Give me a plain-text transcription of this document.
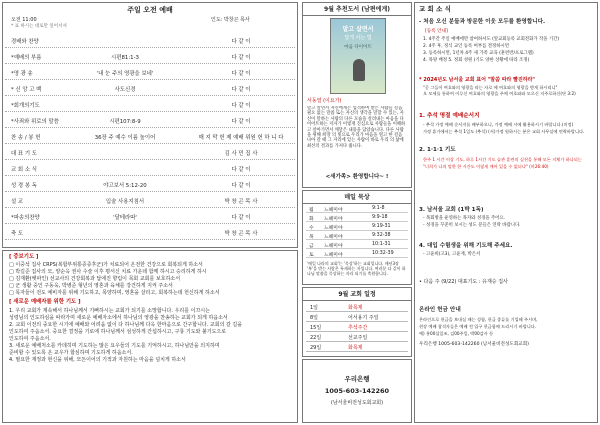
주일 오전 예배
오전 11:00	인도: 박창곤 목사
* 표 하시는 대로만 일어서셔
경배와 찬양	다 같 이
*예배의 부름	시편81:1-3	다 같 이
*영 광 송	'내 눈 주의 영광을 보네'	다 같 이
* 신 앙 고 백	사도신경	다 같 이
*회개의기도	다 같 이
*사죄와 위로의 말씀	시편107:8-9	다 같 이
찬 송 / 봉 헌	36장 주 예수 이름 높이어	매 지 막 헌 제 예배 위원 헌 하 니 다
대 표 기 도	김 사 민 집 사
교 회 소 식	다 같 이
성 경 봉 독	야고보서 5:12-20	다 같 이
설 교	입술 사용지침서	박 창 곤 목 사
*파송의찬양	'달테라따'	다 같 이
축 도	박 창 곤 목 사
[ 중보기도 ]
□ 이중석 집사 CRPS(복합부위통증증후군)가 치료되어 온전한 건강으로 회복되게 하소서
□ 박길준 집사의 모, 양순옥 권사 수술 이후 평서신 치료 가운데 함께 하시고 승리하게 하시
□ 김재환(벳파인) 선교사의 건강회복과 답에진 향림이 목회 교회를 보호하소서
□ 군 생활 중인 구동욱, 박병준 형년의 영혼과 육체를 강건하게 지켜 주소서
□ 목자들이 전도 예비자를 위해 기도하고, 목양하며, 영혼을 살리고, 회복하는데 헌신하게 하소서
[ 새로운 예배자를 위한 기도 ]
1. 우리 교회가 계속해서 하나님께서 기뻐하시는 교회가 되기를 소망합니다. 우리를 이끄시는
성령님의 인도하심을 따라가며 새로운 예배자소에서 하나님의 영광을 찬송하는 교회가 되게 하옵소서
2. 교회 이전의 중요한 시기에 예배와 어려움 없이 다 하나님께 다옥 한마음으로 간구합니다. 교회의 갈 길을
인도하여 주옵소서. 중요한 결정을 기로에 하나님께서 섬성하게 간섭하시고, 구룡 기도와 불기도으로
인도하여 주옵소서.
3. 새로운 예배처소를 카데히며 기도하는 많은 요우들의 기도를 기억하시고, 하나님만을 의지하며
준비할 수 있도록 온 교우가 합심하며 기도하게 하옵소서.
4. 필요한 재정과 현신을 위해, 모든이어의 기적과 자원하는 마음을 넘치게 하소서
9월 추천도서 (남편에게)
말고 살면서
답게 사는 법
마음 다이어트
서동열 (이요가)
말고 살면서 자신에게는 엄격하며 받는 사람들 걸음 필요 없는 말씀 또는 자신의 생각을 말할 수 있는, 자신이 말하는 사람의 다른 모습을 살려내는 마음을 다이어트하는 저자가 이렇게 진심으로 사람들을 이해하고 살아가면서 깨달은 내용을 담았습니다. 다른 사람을 위해 희망 의 빛으로 우리가 마음을 열고 한 걸음 나아 갈 때 그 자리에 있는 사람이 바로 우리 의 삶에 최선의 결과를 가져다 줍니다.
<새가족> 환영합니다~ !
매일 묵상
월 느헤미야	9:1-8
화 느헤미야	9:9-18
수 느헤미야	9:19-31
목 느헤미야	9:32-38
금 느헤미야	10:1-31
토 느헤미야	10:32-39
'매일 나라의 교회'는 '묵상'하는 교회입니다. 매년3장 '복'을 받는 사람은 특새하는 자입니다. 여러분 다 같이 하나님 말씀을 묵상하는 자라 되기를 축원합니다.
9월 교회 일정
1일	화목제
8일	어서용기 주일
15일	추석주간
22일	선교주일
29일	화목제
우리은행
1005-603-142260
(남서울비전성도회교회)
교 회 소 식
- 처음 오신 분들과 방문한 이웃 모두를 환영합니다.
[등록 안내]
1. 4주간 주일 예배에만 참여하셔도 (앞교회등록 교회전화가 작을 기간)
2. 4주 후, 정식 교인 등록 여부를 결정하시면
3. 등록하시면, 1년차 4주 새 가족 교육 (훈련반/프로그램)
4. 목양 배정 5. 정회 성원 (기도 양한 상황에 따라 조정)
* 2024년도 남서울 교회 표어 "말씀 따라 빨진하라"
"곧 그들이 여호와의 영광을 라는 자로 에 여호와의 영광을 받게 하시리니"
오 모세를 통하여 이루신 여호와의 영광을 주께 여호와와 모으신 저주로하신(단 3:2)
1. 추석 명절 예배순서지
- 추석 가정 예배 순서지를 배부하오니, 가정 예배 시에 활용하시기 바랍니다.(미정)
가정 휴가에서는 추석 1일도 (추석) (서)가정 원하시는 분은 교회 사무실에 연락바랍니다.
2. 1·1·1 기도
한주 1 시간 이상 기도, 하루 1시간 기도 습관 훈련의 실천을 통해 모든 지체가 하나되는
"너희가 나의 말한 한 시간도 이렇게 깨어 있을 수 없더냐" (마26:40)
3. 남서울 교회 (1박 1독)
- 목회방을 운영하는 목자와 성경을 주어요.
- 성경을 꾸준히 보시는 성도 분들은 연락 바랍니다.
4. 대입 수험생을 위해 기도해 주세요.
- 고윤희(고3), 고윤재, 박은서
• 다음 주 (9/22) 대표기도 : 유재승 집사
온라인 헌금 안내
온라인으로 헌금을 보내실 때는 성함, 헌금 종류를 기입해 주시며,
현장 예배 참석자들은 예배 전 입구 헌금함에 드리시기 바랍니다.
예) 홍00십일조, 김00주일, 박00감사 등
우리은행 1005-603-142260 (남서울비전성도회교회)
